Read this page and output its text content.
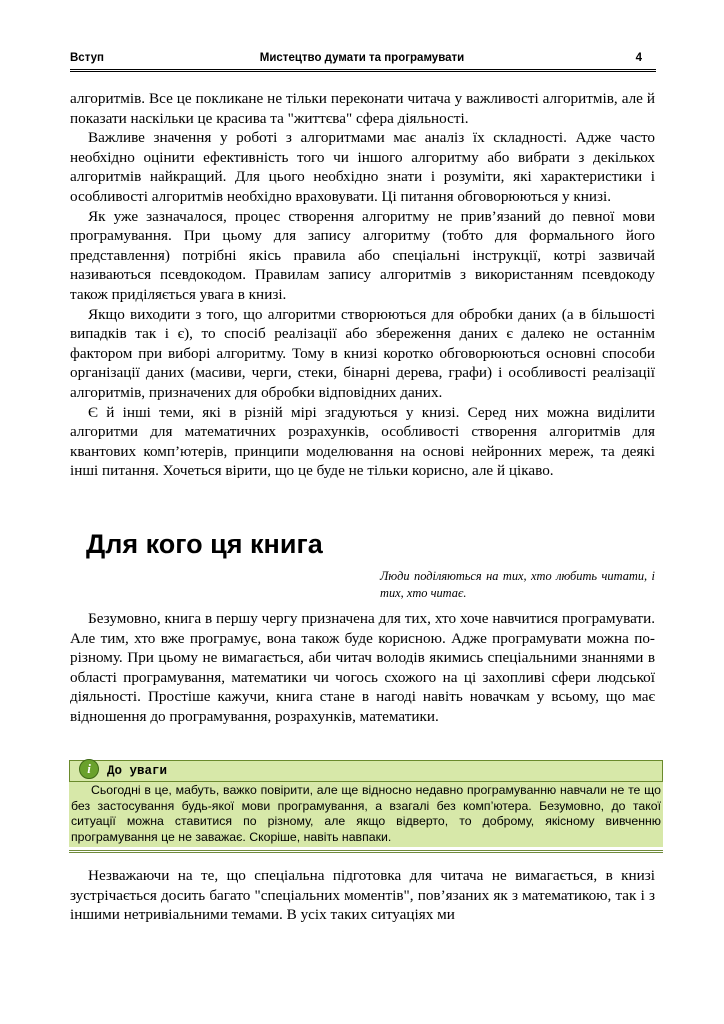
Вступ	Мистецтво думати та програмувати	4

алгоритмів. Все це покликане не тільки переконати читача у важливості алгоритмів, але й показати наскільки це красива та "життєва" сфера діяльності.

Важливе значення у роботі з алгоритмами має аналіз їх складності. Адже часто необхідно оцінити ефективність того чи іншого алгоритму або вибрати з декількох алгоритмів найкращий. Для цього необхідно знати і розуміти, які характеристики і особливості алгоритмів необхідно враховувати. Ці питання обговорюються у книзі.

Як уже зазначалося, процес створення алгоритму не прив’язаний до певної мови програмування. При цьому для запису алгоритму (тобто для формального його представлення) потрібні якісь правила або спеціальні інструкції, котрі зазвичай називаються псевдокодом. Правилам запису алгоритмів з використанням псевдокоду також приділяється увага в книзі.

Якщо виходити з того, що алгоритми створюються для обробки даних (а в більшості випадків так і є), то спосіб реалізації або збереження даних є далеко не останнім фактором при виборі алгоритму. Тому в книзі коротко обговорюються основні способи організації даних (масиви, черги, стеки, бінарні дерева, графи) і особливості реалізації алгоритмів, призначених для обробки відповідних даних.

Є й інші теми, які в різній мірі згадуються у книзі. Серед них можна виділити алгоритми для математичних розрахунків, особливості створення алгоритмів для квантових комп’ютерів, принципи моделювання на основі нейронних мереж, та деякі інші питання. Хочеться вірити, що це буде не тільки корисно, але й цікаво.

Для кого ця книга
Люди поділяються на тих, хто любить читати, і тих, хто читає.

Безумовно, книга в першу чергу призначена для тих, хто хоче навчитися програмувати. Але тим, хто вже програмує, вона також буде корисною. Адже програмувати можна по-різному. При цьому не вимагається, аби читач володів якимись спеціальними знаннями в області програмування, математики чи чогось схожого на ці захопливі сфери людської діяльності. Простіше кажучи, книга стане в нагоді навіть новачкам у всьому, що має відношення до програмування, розрахунків, математики.

i	До уваги
Сьогодні в це, мабуть, важко повірити, але ще відносно недавно програмуванню навчали не те що без застосування будь-якої мови програмування, а взагалі без комп’ютера. Безумовно, до такої ситуації можна ставитися по різному, але якщо відверто, то доброму, якісному вивченню програмування це не заважає. Скоріше, навіть навпаки.

Незважаючи на те, що спеціальна підготовка для читача не вимагається, в книзі зустрічається досить багато "спеціальних моментів", пов’язаних як з математикою, так і з іншими нетривіальними темами. В усіх таких ситуаціях ми
